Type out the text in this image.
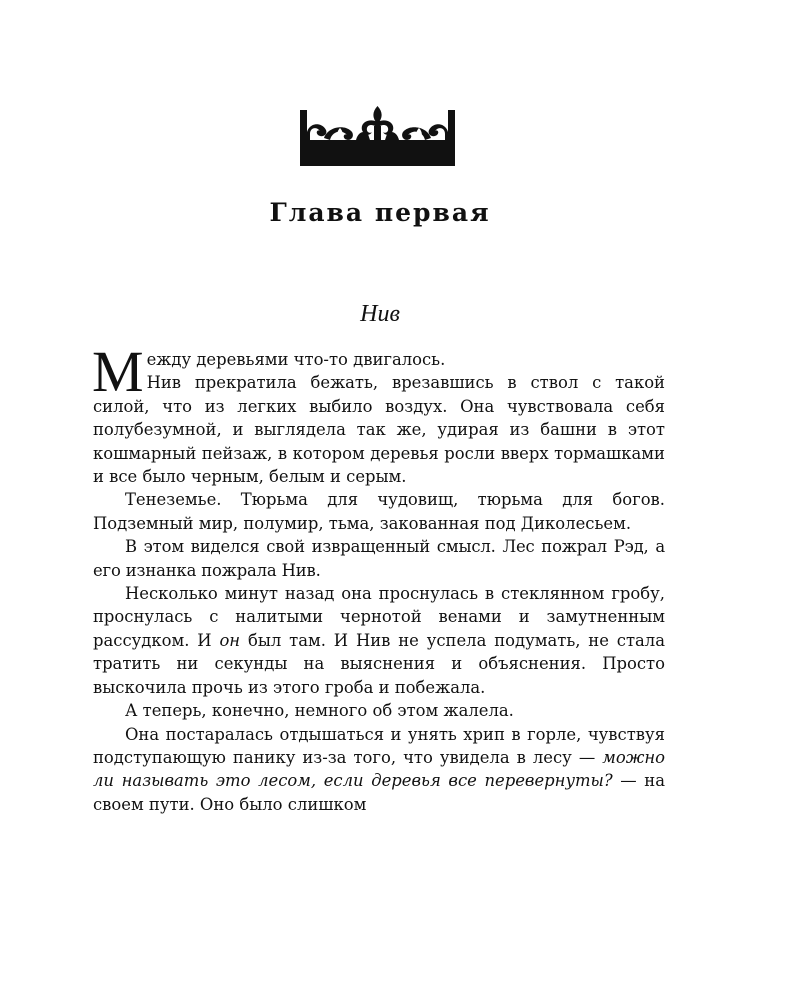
Глава первая
Нив

Между деревьями что-то двигалось.

Нив прекратила бежать, врезавшись в ствол с такой силой, что из легких выбило воздух. Она чувствовала себя полубезумной, и выглядела так же, удирая из башни в этот кошмарный пейзаж, в котором деревья росли вверх тормашками и все было черным, белым и серым.

Тенеземье. Тюрьма для чудовищ, тюрьма для богов. Подземный мир, полумир, тьма, закованная под Диколесьем.

В этом виделся свой извращенный смысл. Лес пожрал Рэд, а его изнанка пожрала Нив.

Несколько минут назад она проснулась в стеклянном гробу, проснулась с налитыми чернотой венами и замутненным рассудком. И он был там. И Нив не успела подумать, не стала тратить ни секунды на выяснения и объяснения. Просто выскочила прочь из этого гроба и побежала.

А теперь, конечно, немного об этом жалела.

Она постаралась отдышаться и унять хрип в горле, чувствуя подступающую панику из-за того, что увидела в лесу — можно ли называть это лесом, если деревья все перевернуты? — на своем пути. Оно было слишком
